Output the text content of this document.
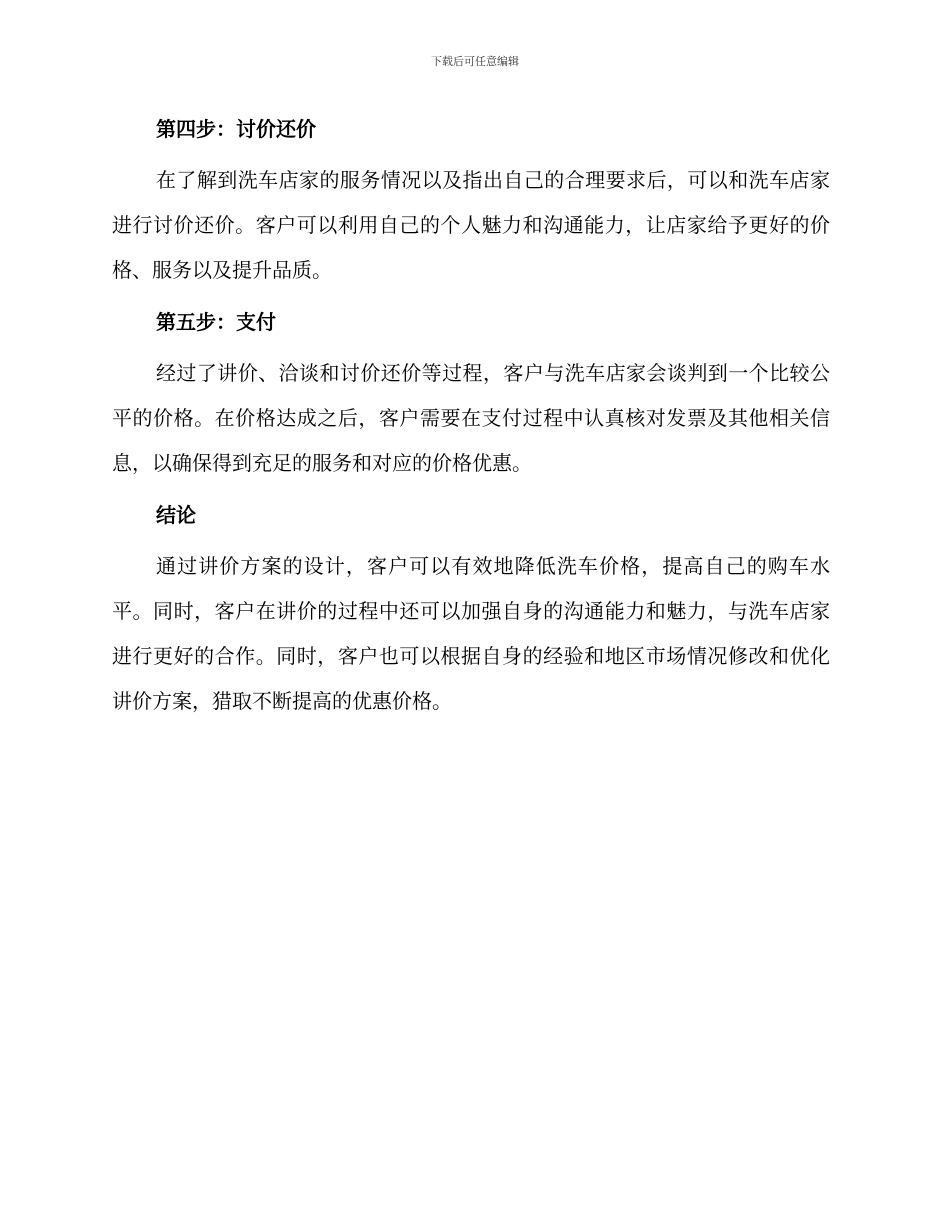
下载后可任意编辑
第四步：讨价还价

在了解到洗车店家的服务情况以及指出自己的合理要求后，可以和洗车店家进行讨价还价。客户可以利用自己的个人魅力和沟通能力，让店家给予更好的价格、服务以及提升品质。

第五步：支付

经过了讲价、洽谈和讨价还价等过程，客户与洗车店家会谈判到一个比较公平的价格。在价格达成之后，客户需要在支付过程中认真核对发票及其他相关信息，以确保得到充足的服务和对应的价格优惠。

结论

通过讲价方案的设计，客户可以有效地降低洗车价格，提高自己的购车水平。同时，客户在讲价的过程中还可以加强自身的沟通能力和魅力，与洗车店家进行更好的合作。同时，客户也可以根据自身的经验和地区市场情况修改和优化讲价方案，猎取不断提高的优惠价格。
